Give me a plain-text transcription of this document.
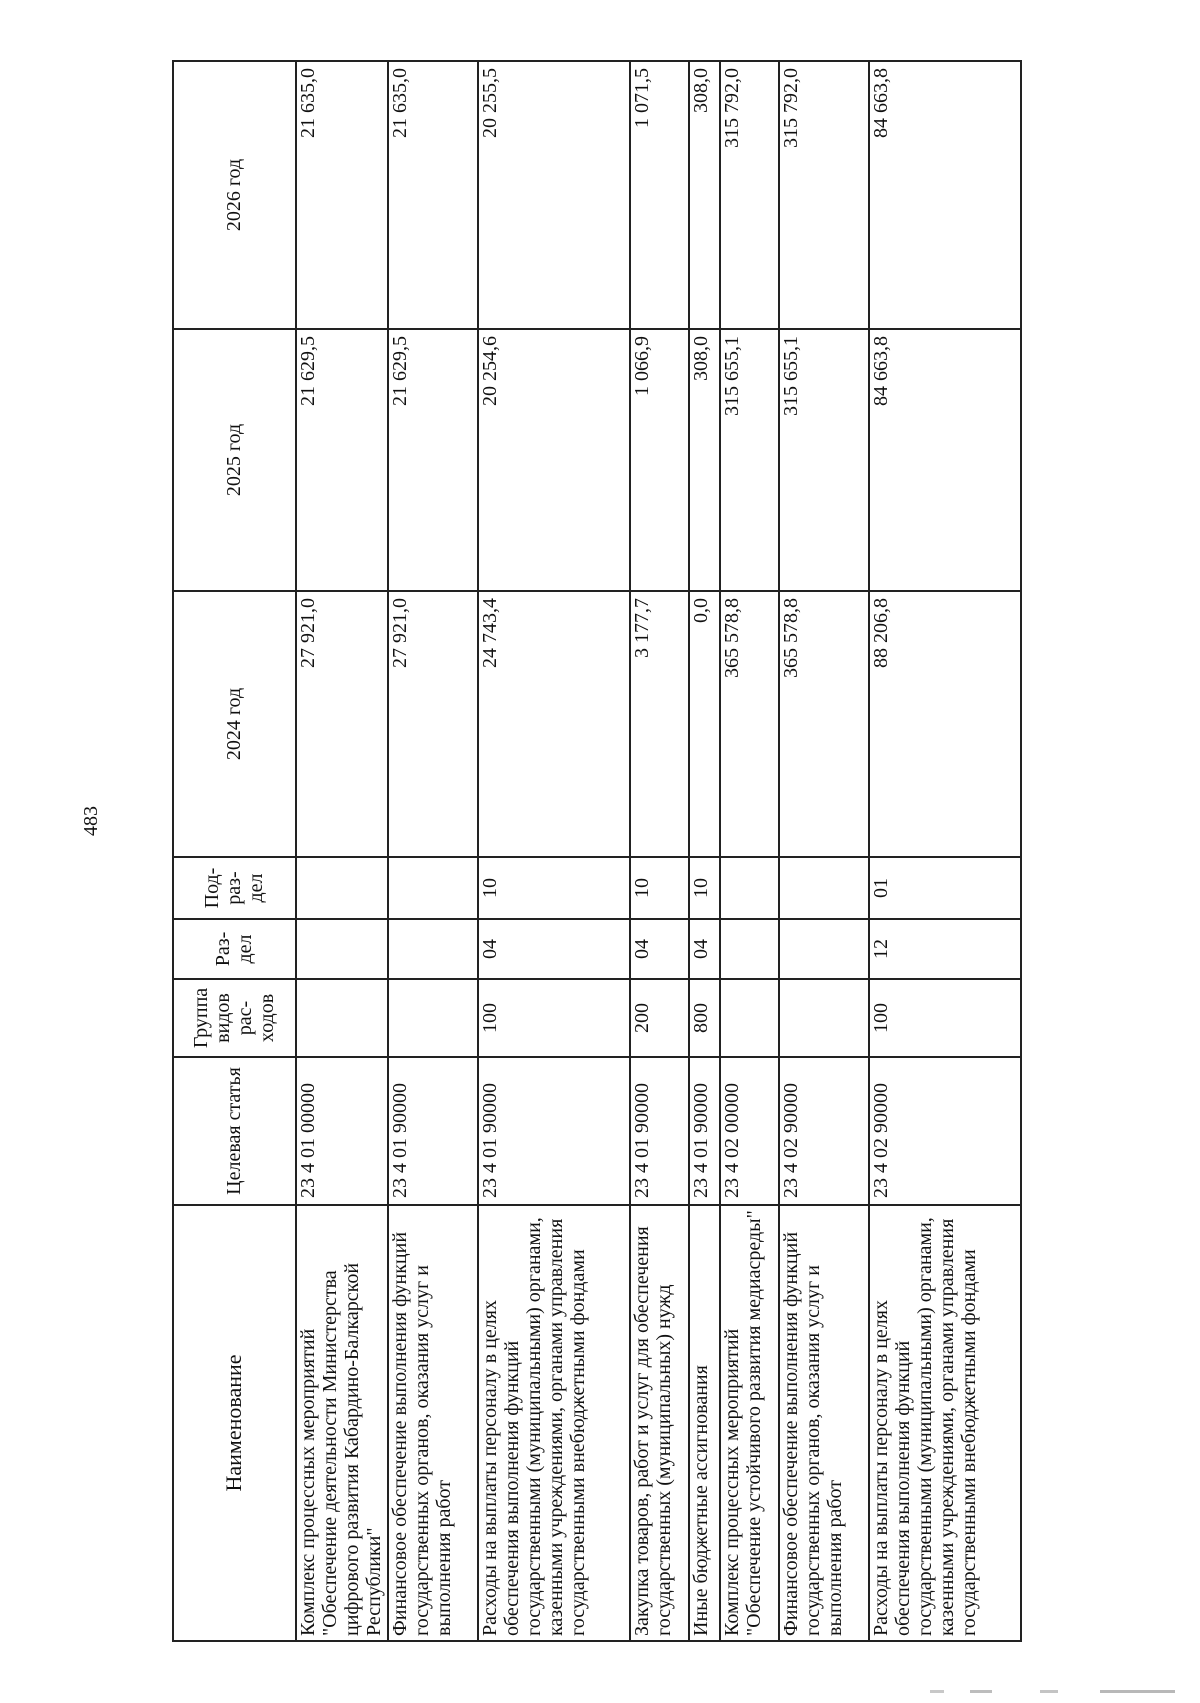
483
Наименование	Целевая статья	Группа видов рас-ходов	Раз-дел	Под-раз-дел	2024 год	2025 год	2026 год
Комплекс процессных мероприятий "Обеспечение деятельности Министерства цифрового развития Кабардино-Балкарской Республики"	23 4 01 00000				27 921,0	21 629,5	21 635,0
Финансовое обеспечение выполнения функций государственных органов, оказания услуг и выполнения работ	23 4 01 90000				27 921,0	21 629,5	21 635,0
Расходы на выплаты персоналу в целях обеспечения выполнения функций государственными (муниципальными) органами, казенными учреждениями, органами управления государственными внебюджетными фондами	23 4 01 90000	100	04	10	24 743,4	20 254,6	20 255,5
Закупка товаров, работ и услуг для обеспечения государственных (муниципальных) нужд	23 4 01 90000	200	04	10	3 177,7	1 066,9	1 071,5
Иные бюджетные ассигнования	23 4 01 90000	800	04	10	0,0	308,0	308,0
Комплекс процессных мероприятий "Обеспечение устойчивого развития медиасреды"	23 4 02 00000				365 578,8	315 655,1	315 792,0
Финансовое обеспечение выполнения функций государственных органов, оказания услуг и выполнения работ	23 4 02 90000				365 578,8	315 655,1	315 792,0
Расходы на выплаты персоналу в целях обеспечения выполнения функций государственными (муниципальными) органами, казенными учреждениями, органами управления государственными внебюджетными фондами	23 4 02 90000	100	12	01	88 206,8	84 663,8	84 663,8
